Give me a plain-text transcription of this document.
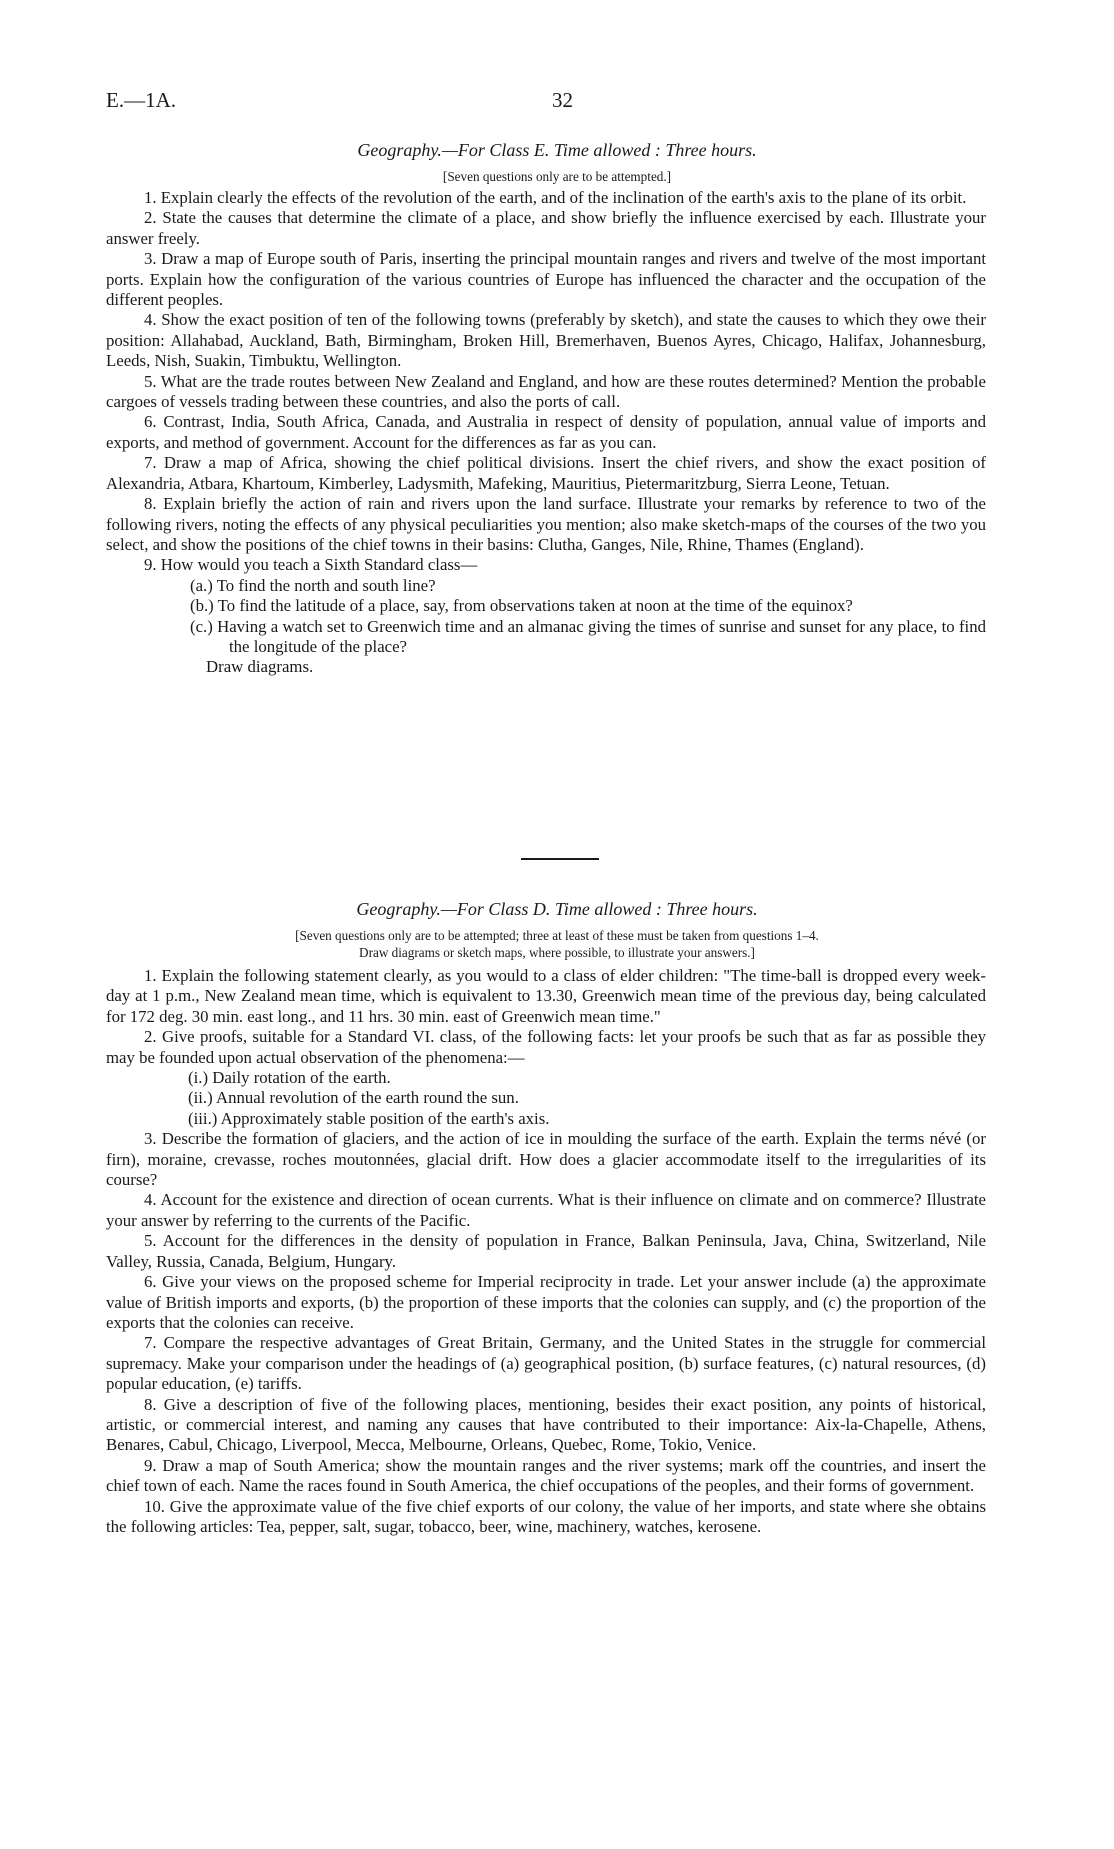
E.—1A.	32
Geography.—For Class E. Time allowed : Three hours.
[Seven questions only are to be attempted.]

1. Explain clearly the effects of the revolution of the earth, and of the inclination of the earth's axis to the plane of its orbit.

2. State the causes that determine the climate of a place, and show briefly the influence exercised by each. Illustrate your answer freely.

3. Draw a map of Europe south of Paris, inserting the principal mountain ranges and rivers and twelve of the most important ports. Explain how the configuration of the various countries of Europe has influenced the character and the occupation of the different peoples.

4. Show the exact position of ten of the following towns (preferably by sketch), and state the causes to which they owe their position: Allahabad, Auckland, Bath, Birmingham, Broken Hill, Bremerhaven, Buenos Ayres, Chicago, Halifax, Johannesburg, Leeds, Nish, Suakin, Timbuktu, Wellington.

5. What are the trade routes between New Zealand and England, and how are these routes determined? Mention the probable cargoes of vessels trading between these countries, and also the ports of call.

6. Contrast, India, South Africa, Canada, and Australia in respect of density of population, annual value of imports and exports, and method of government. Account for the differences as far as you can.

7. Draw a map of Africa, showing the chief political divisions. Insert the chief rivers, and show the exact position of Alexandria, Atbara, Khartoum, Kimberley, Ladysmith, Mafeking, Mauritius, Pietermaritzburg, Sierra Leone, Tetuan.

8. Explain briefly the action of rain and rivers upon the land surface. Illustrate your remarks by reference to two of the following rivers, noting the effects of any physical peculiarities you mention; also make sketch-maps of the courses of the two you select, and show the positions of the chief towns in their basins: Clutha, Ganges, Nile, Rhine, Thames (England).

9. How would you teach a Sixth Standard class—

(a.) To find the north and south line?

(b.) To find the latitude of a place, say, from observations taken at noon at the time of the equinox?

(c.) Having a watch set to Greenwich time and an almanac giving the times of sunrise and sunset for any place, to find the longitude of the place?

Draw diagrams.

Geography.—For Class D. Time allowed : Three hours.
[Seven questions only are to be attempted; three at least of these must be taken from questions 1–4.
Draw diagrams or sketch maps, where possible, to illustrate your answers.]

1. Explain the following statement clearly, as you would to a class of elder children: "The time-ball is dropped every week-day at 1 p.m., New Zealand mean time, which is equivalent to 13.30, Greenwich mean time of the previous day, being calculated for 172 deg. 30 min. east long., and 11 hrs. 30 min. east of Greenwich mean time."

2. Give proofs, suitable for a Standard VI. class, of the following facts: let your proofs be such that as far as possible they may be founded upon actual observation of the phenomena:—

(i.) Daily rotation of the earth.

(ii.) Annual revolution of the earth round the sun.

(iii.) Approximately stable position of the earth's axis.

3. Describe the formation of glaciers, and the action of ice in moulding the surface of the earth. Explain the terms névé (or firn), moraine, crevasse, roches moutonnées, glacial drift. How does a glacier accommodate itself to the irregularities of its course?

4. Account for the existence and direction of ocean currents. What is their influence on climate and on commerce? Illustrate your answer by referring to the currents of the Pacific.

5. Account for the differences in the density of population in France, Balkan Peninsula, Java, China, Switzerland, Nile Valley, Russia, Canada, Belgium, Hungary.

6. Give your views on the proposed scheme for Imperial reciprocity in trade. Let your answer include (a) the approximate value of British imports and exports, (b) the proportion of these imports that the colonies can supply, and (c) the proportion of the exports that the colonies can receive.

7. Compare the respective advantages of Great Britain, Germany, and the United States in the struggle for commercial supremacy. Make your comparison under the headings of (a) geographical position, (b) surface features, (c) natural resources, (d) popular education, (e) tariffs.

8. Give a description of five of the following places, mentioning, besides their exact position, any points of historical, artistic, or commercial interest, and naming any causes that have contributed to their importance: Aix-la-Chapelle, Athens, Benares, Cabul, Chicago, Liverpool, Mecca, Melbourne, Orleans, Quebec, Rome, Tokio, Venice.

9. Draw a map of South America; show the mountain ranges and the river systems; mark off the countries, and insert the chief town of each. Name the races found in South America, the chief occupations of the peoples, and their forms of government.

10. Give the approximate value of the five chief exports of our colony, the value of her imports, and state where she obtains the following articles: Tea, pepper, salt, sugar, tobacco, beer, wine, machinery, watches, kerosene.
